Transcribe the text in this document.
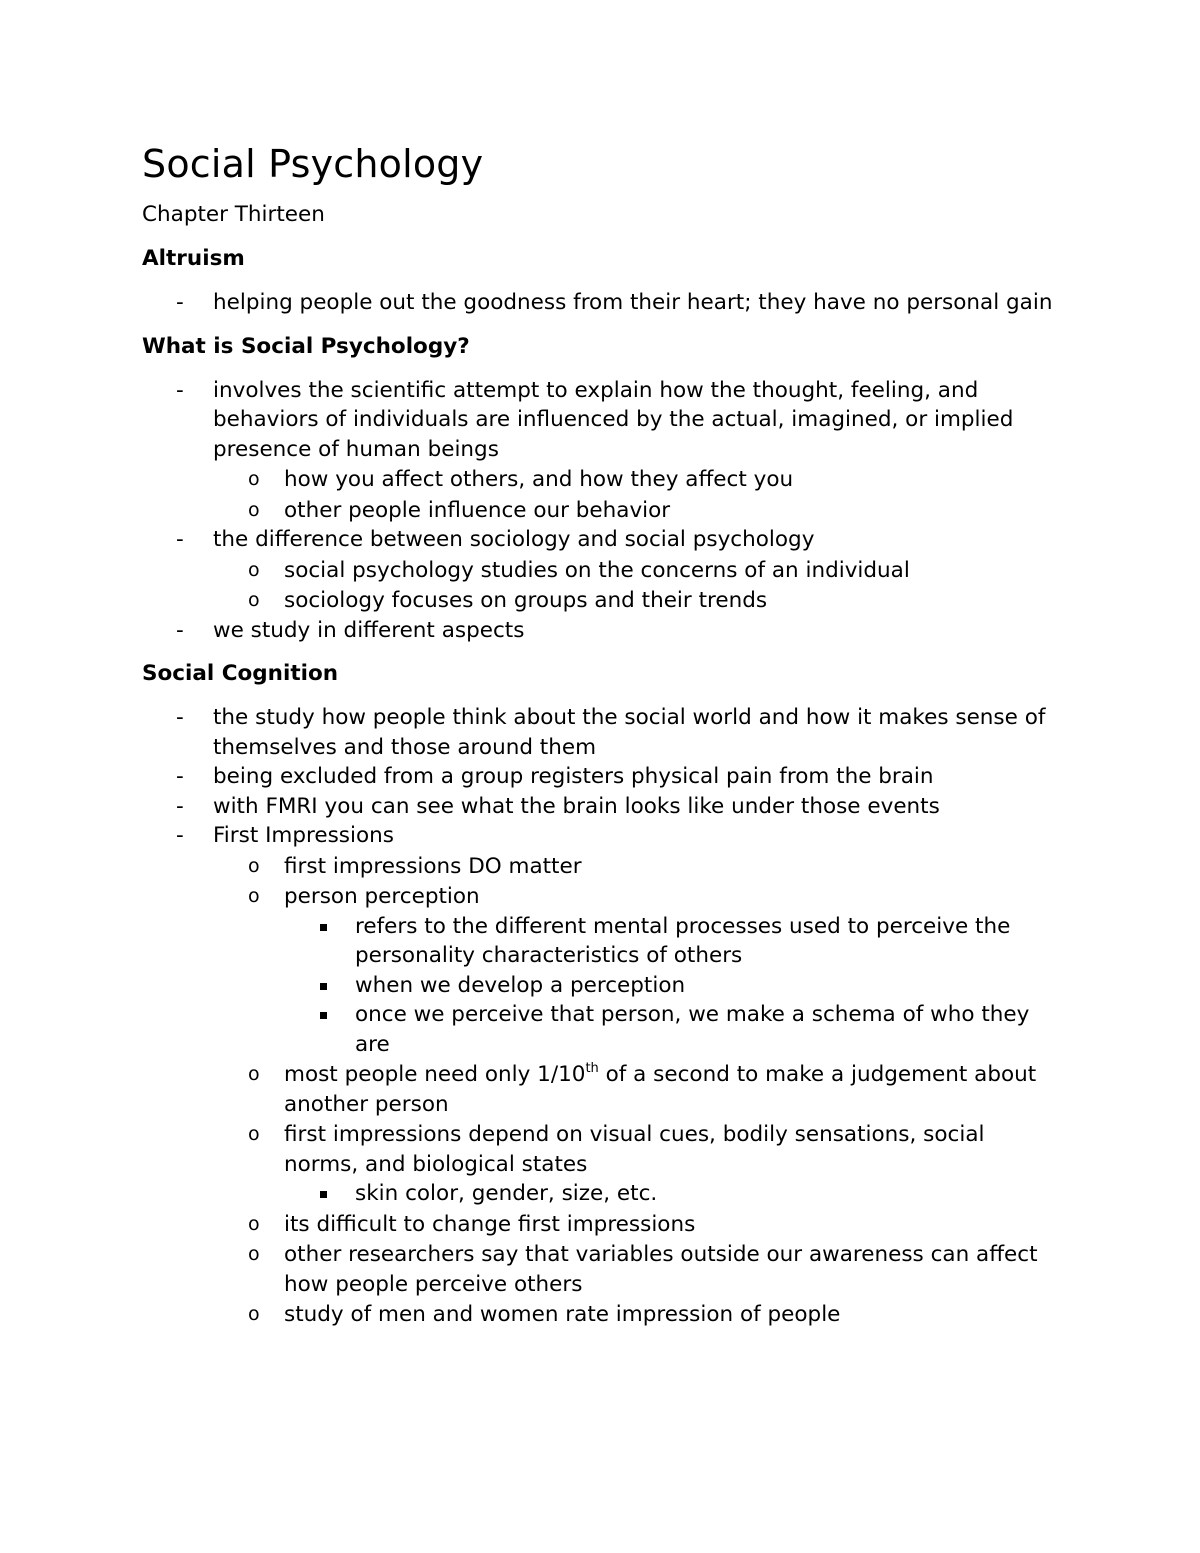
Social Psychology
Chapter Thirteen
Altruism
- helping people out the goodness from their heart; they have no personal gain
What is Social Psychology?
- involves the scientific attempt to explain how the thought, feeling, and behaviors of individuals are influenced by the actual, imagined, or implied presence of human beings
o how you affect others, and how they affect you
o other people influence our behavior
- the difference between sociology and social psychology
o social psychology studies on the concerns of an individual
o sociology focuses on groups and their trends
- we study in different aspects
Social Cognition
- the study how people think about the social world and how it makes sense of themselves and those around them
- being excluded from a group registers physical pain from the brain
- with FMRI you can see what the brain looks like under those events
- First Impressions
o first impressions DO matter
o person perception
refers to the different mental processes used to perceive the personality characteristics of others
when we develop a perception
once we perceive that person, we make a schema of who they are
o most people need only 1/10th of a second to make a judgement about another person
o first impressions depend on visual cues, bodily sensations, social norms, and biological states
skin color, gender, size, etc.
o its difficult to change first impressions
o other researchers say that variables outside our awareness can affect how people perceive others
o study of men and women rate impression of people
